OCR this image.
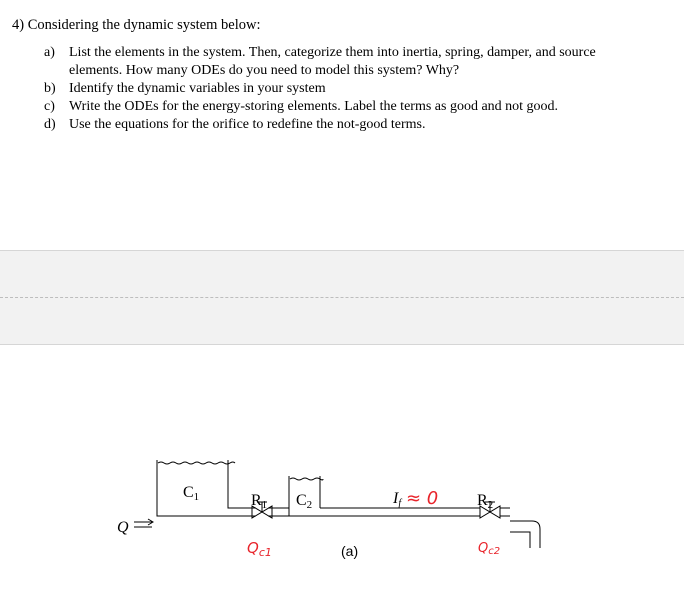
4) Considering the dynamic system below:
a)	List the elements in the system. Then, categorize them into inertia, spring, damper, and source elements. How many ODEs do you need to model this system? Why?
b) Identify the dynamic variables in your system
c)	Write the ODEs for the energy-storing elements. Label the terms as good and not good.
d) Use the equations for the orifice to redefine the not-good terms.
C1	R1 C2	R2
If
Q
(a)
≈ 0
$Q_{c1}$	Qc2
